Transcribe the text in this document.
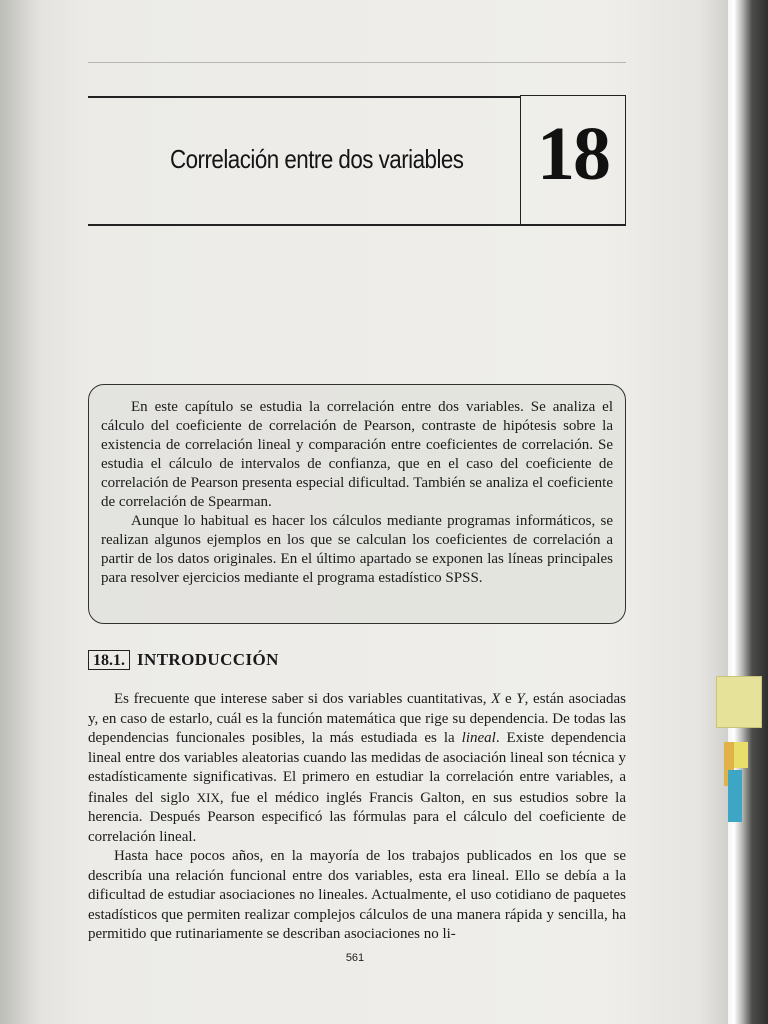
Correlación entre dos variables 18

En este capítulo se estudia la correlación entre dos variables. Se analiza el cálculo del coeficiente de correlación de Pearson, contraste de hipótesis sobre la existencia de correlación lineal y comparación entre coeficientes de correlación. Se estudia el cálculo de intervalos de confianza, que en el caso del coeficiente de correlación de Pearson presenta especial dificultad. También se analiza el coeficiente de correlación de Spearman.

Aunque lo habitual es hacer los cálculos mediante programas informáticos, se realizan algunos ejemplos en los que se calculan los coeficientes de correlación a partir de los datos originales. En el último apartado se exponen las líneas principales para resolver ejercicios mediante el programa estadístico SPSS.

18.1. INTRODUCCIÓN

Es frecuente que interese saber si dos variables cuantitativas, X e Y, están asociadas y, en caso de estarlo, cuál es la función matemática que rige su dependencia. De todas las dependencias funcionales posibles, la más estudiada es la lineal. Existe dependencia lineal entre dos variables aleatorias cuando las medidas de asociación lineal son técnica y estadísticamente significativas. El primero en estudiar la correlación entre variables, a finales del siglo XIX, fue el médico inglés Francis Galton, en sus estudios sobre la herencia. Después Pearson especificó las fórmulas para el cálculo del coeficiente de correlación lineal.

Hasta hace pocos años, en la mayoría de los trabajos publicados en los que se describía una relación funcional entre dos variables, esta era lineal. Ello se debía a la dificultad de estudiar asociaciones no lineales. Actualmente, el uso cotidiano de paquetes estadísticos que permiten realizar complejos cálculos de una manera rápida y sencilla, ha permitido que rutinariamente se describan asociaciones no li-

561
